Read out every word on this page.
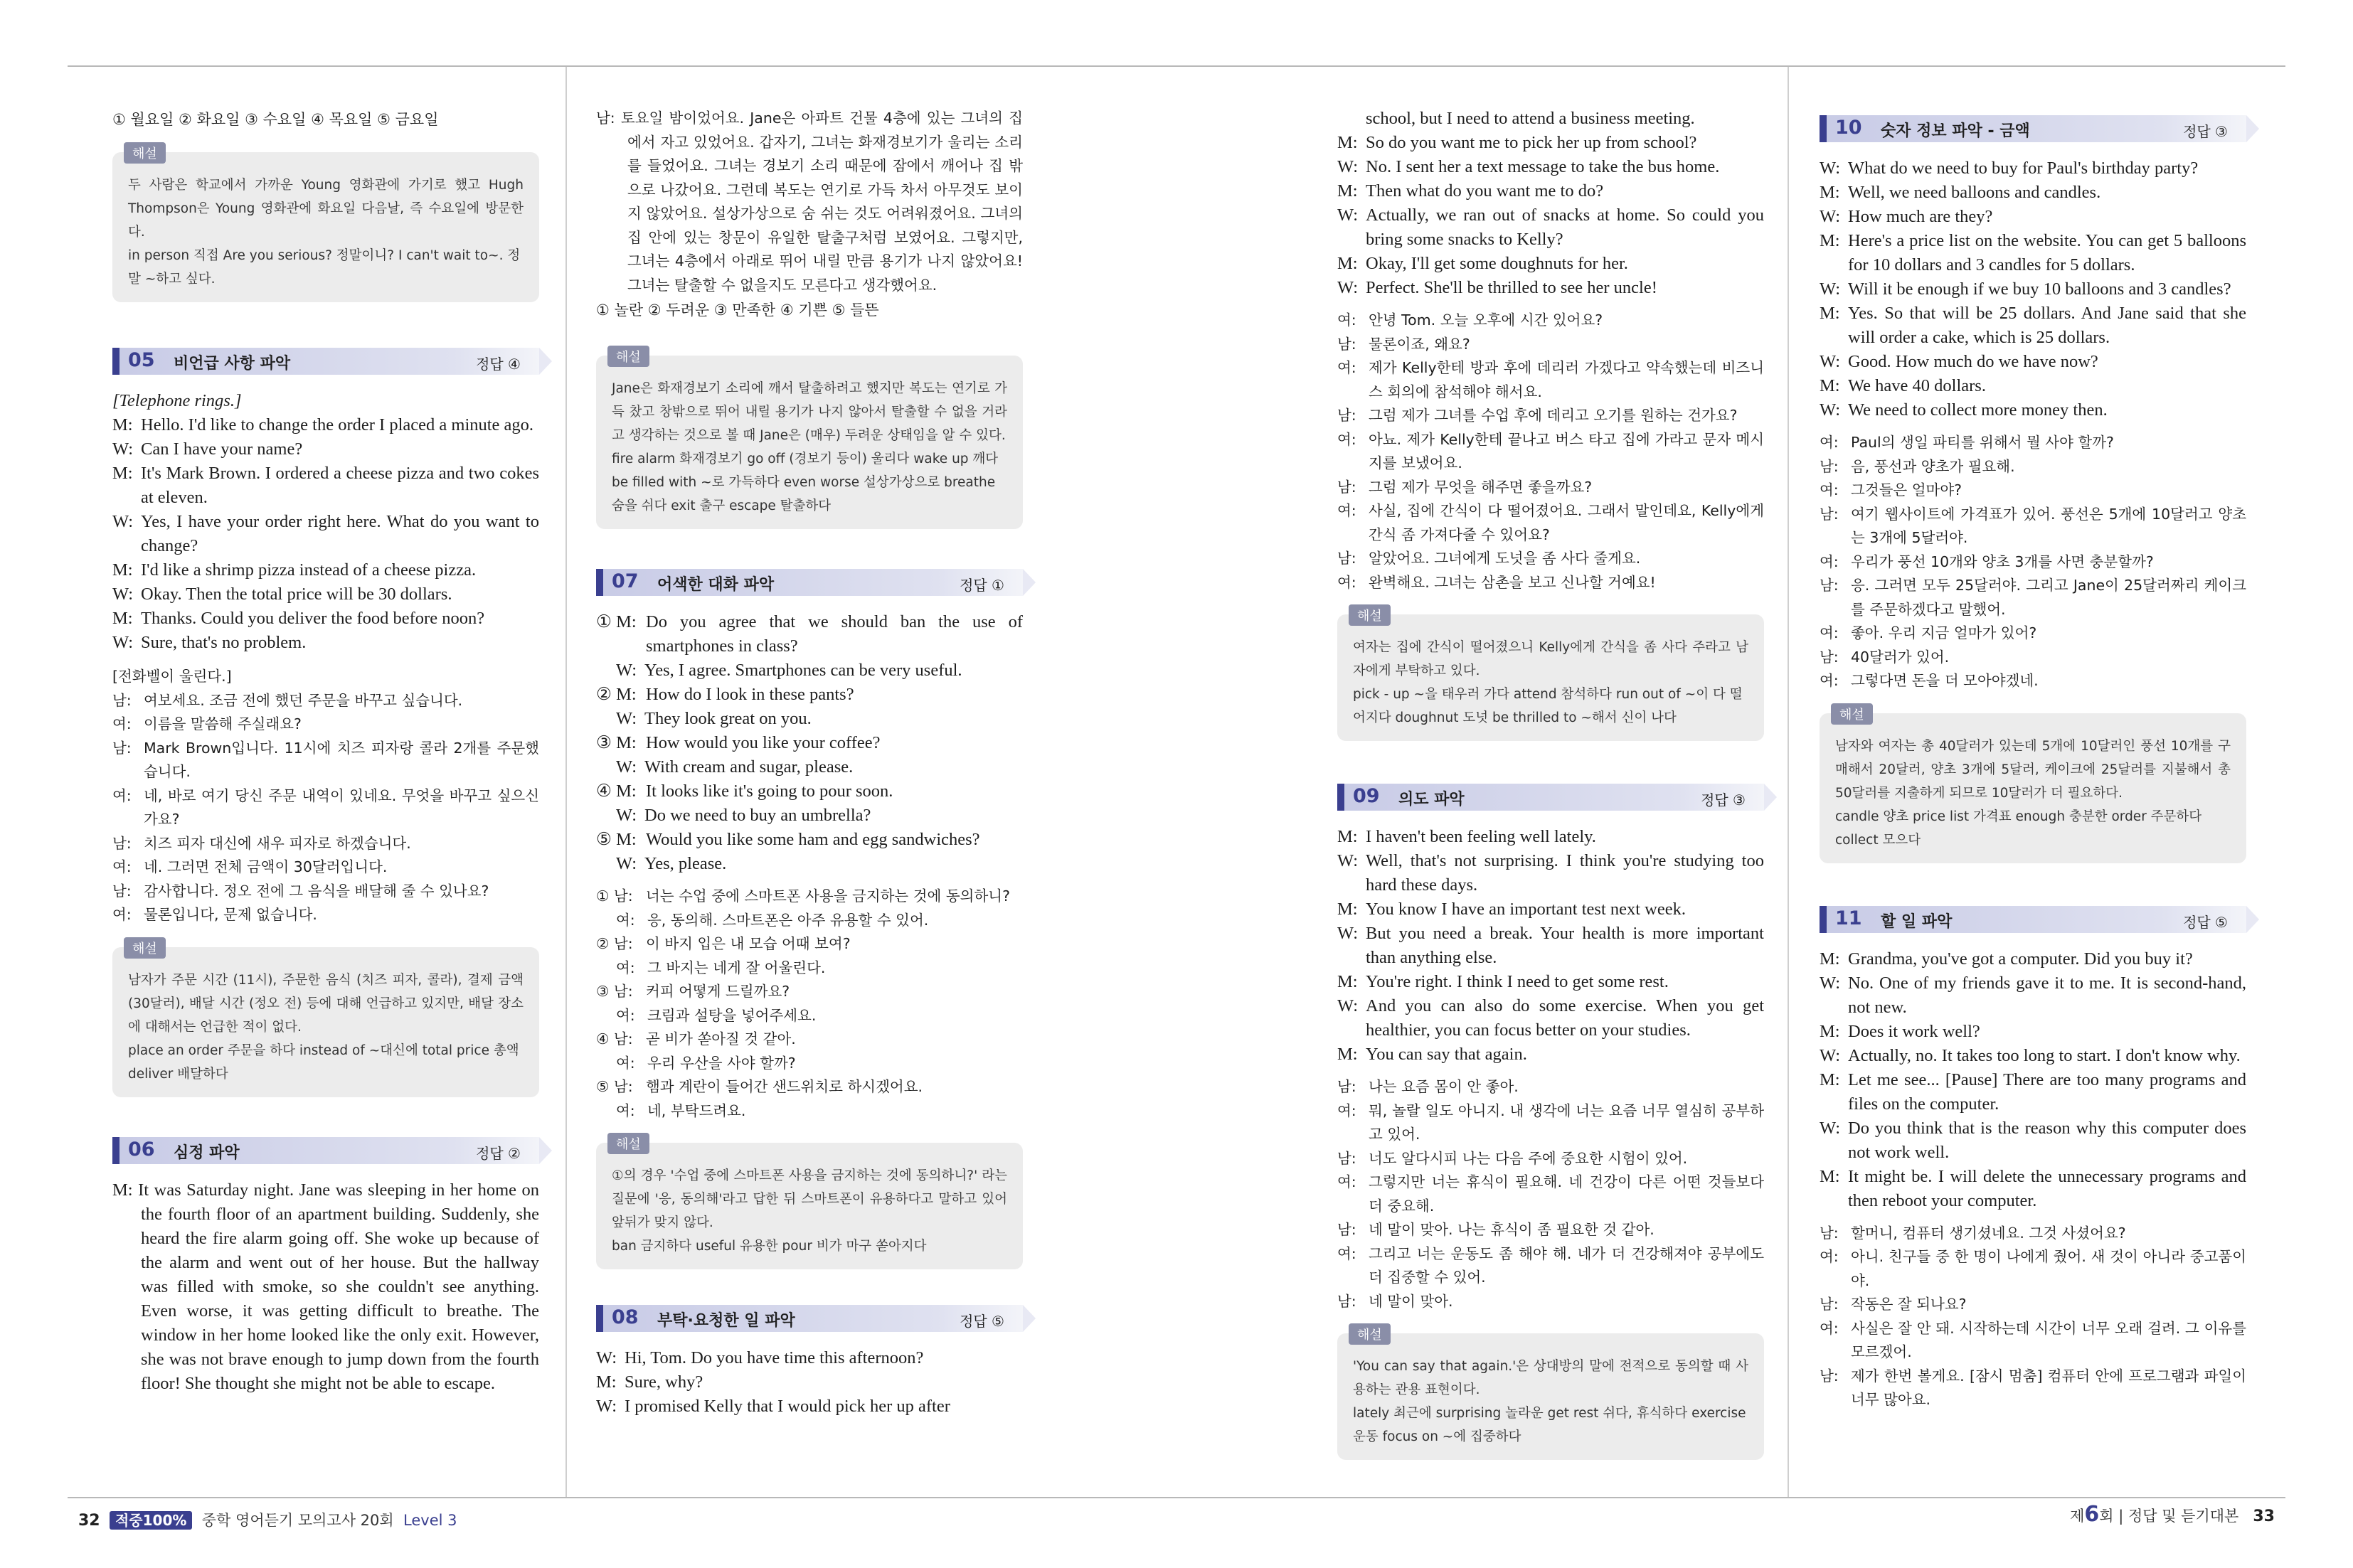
① 월요일 ② 화요일 ③ 수요일 ④ 목요일 ⑤ 금요일

해설
두 사람은 학교에서 가까운 Young 영화관에 가기로 했고 Hugh Thompson은 Young 영화관에 화요일 다음날, 즉 수요일에 방문한다.
in person 직접 Are you serious? 정말이니? I can't wait to~. 정말 ~하고 싶다.
05 비언급 사항 파악	정답 ④

[Telephone rings.]

M: Hello. I'd like to change the order I placed a minute ago.
W: Can I have your name?
M: It's Mark Brown. I ordered a cheese pizza and two cokes at eleven.
W: Yes, I have your order right here. What do you want to change?
M: I'd like a shrimp pizza instead of a cheese pizza.
W: Okay. Then the total price will be 30 dollars.
M: Thanks. Could you deliver the food before noon?
W: Sure, that's no problem.

[전화벨이 울린다.]

남: 여보세요. 조금 전에 했던 주문을 바꾸고 싶습니다.
여: 이름을 말씀해 주실래요?
남: Mark Brown입니다. 11시에 치즈 피자랑 콜라 2개를 주문했습니다.
여: 네, 바로 여기 당신 주문 내역이 있네요. 무엇을 바꾸고 싶으신가요?
남: 치즈 피자 대신에 새우 피자로 하겠습니다.
여: 네. 그러면 전체 금액이 30달러입니다.
남: 감사합니다. 정오 전에 그 음식을 배달해 줄 수 있나요?
여: 물론입니다, 문제 없습니다.
해설
남자가 주문 시간 (11시), 주문한 음식 (치즈 피자, 콜라), 결제 금액 (30달러), 배달 시간 (정오 전) 등에 대해 언급하고 있지만, 배달 장소에 대해서는 언급한 적이 없다.
place an order 주문을 하다 instead of ~대신에 total price 총액 deliver 배달하다
06 심정 파악	정답 ②

M: It was Saturday night. Jane was sleeping in her home on the fourth floor of an apartment building. Suddenly, she heard the fire alarm going off. She woke up because of the alarm and went out of her house. But the hallway was filled with smoke, so she couldn't see anything. Even worse, it was getting difficult to breathe. The window in her home looked like the only exit. However, she was not brave enough to jump down from the fourth floor! She thought she might not be able to escape.

남: 토요일 밤이었어요. Jane은 아파트 건물 4층에 있는 그녀의 집에서 자고 있었어요. 갑자기, 그녀는 화재경보기가 울리는 소리를 들었어요. 그녀는 경보기 소리 때문에 잠에서 깨어나 집 밖으로 나갔어요. 그런데 복도는 연기로 가득 차서 아무것도 보이지 않았어요. 설상가상으로 숨 쉬는 것도 어려워졌어요. 그녀의 집 안에 있는 창문이 유일한 탈출구처럼 보였어요. 그렇지만, 그녀는 4층에서 아래로 뛰어 내릴 만큼 용기가 나지 않았어요! 그녀는 탈출할 수 없을지도 모른다고 생각했어요.

① 놀란 ② 두려운 ③ 만족한 ④ 기쁜 ⑤ 들뜬

해설
Jane은 화재경보기 소리에 깨서 탈출하려고 했지만 복도는 연기로 가득 찼고 창밖으로 뛰어 내릴 용기가 나지 않아서 탈출할 수 없을 거라고 생각하는 것으로 볼 때 Jane은 (매우) 두려운 상태임을 알 수 있다.
fire alarm 화재경보기 go off (경보기 등이) 울리다 wake up 깨다 be filled with ~로 가득하다 even worse 설상가상으로 breathe 숨을 쉬다 exit 출구 escape 탈출하다
07 어색한 대화 파악	정답 ①
① M: Do you agree that we should ban the use of smartphones in class?
W: Yes, I agree. Smartphones can be very useful.
② M: How do I look in these pants?
W: They look great on you.
③ M: How would you like your coffee?
W: With cream and sugar, please.
④ M: It looks like it's going to pour soon.
W: Do we need to buy an umbrella?
⑤ M: Would you like some ham and egg sandwiches?
W: Yes, please.
① 남: 너는 수업 중에 스마트폰 사용을 금지하는 것에 동의하니?
여: 응, 동의해. 스마트폰은 아주 유용할 수 있어.
② 남: 이 바지 입은 내 모습 어때 보여?
여: 그 바지는 네게 잘 어울린다.
③ 남: 커피 어떻게 드릴까요?
여: 크림과 설탕을 넣어주세요.
④ 남: 곧 비가 쏟아질 것 같아.
여: 우리 우산을 사야 할까?
⑤ 남: 햄과 계란이 들어간 샌드위치로 하시겠어요.
여: 네, 부탁드려요.
해설
①의 경우 '수업 중에 스마트폰 사용을 금지하는 것에 동의하니?' 라는 질문에 '응, 동의해'라고 답한 뒤 스마트폰이 유용하다고 말하고 있어 앞뒤가 맞지 않다.
ban 금지하다 useful 유용한 pour 비가 마구 쏟아지다
08 부탁·요청한 일 파악	정답 ⑤
W: Hi, Tom. Do you have time this afternoon?
M: Sure, why?
W: I promised Kelly that I would pick her up after
school, but I need to attend a business meeting.
M: So do you want me to pick her up from school?
W: No. I sent her a text message to take the bus home.
M: Then what do you want me to do?
W: Actually, we ran out of snacks at home. So could you bring some snacks to Kelly?
M: Okay, I'll get some doughnuts for her.
W: Perfect. She'll be thrilled to see her uncle!
여: 안녕 Tom. 오늘 오후에 시간 있어요?
남: 물론이죠, 왜요?
여: 제가 Kelly한테 방과 후에 데리러 가겠다고 약속했는데 비즈니스 회의에 참석해야 해서요.
남: 그럼 제가 그녀를 수업 후에 데리고 오기를 원하는 건가요?
여: 아뇨. 제가 Kelly한테 끝나고 버스 타고 집에 가라고 문자 메시지를 보냈어요.
남: 그럼 제가 무엇을 해주면 좋을까요?
여: 사실, 집에 간식이 다 떨어졌어요. 그래서 말인데요, Kelly에게 간식 좀 가져다줄 수 있어요?
남: 알았어요. 그녀에게 도넛을 좀 사다 줄게요.
여: 완벽해요. 그녀는 삼촌을 보고 신나할 거예요!
해설
여자는 집에 간식이 떨어졌으니 Kelly에게 간식을 좀 사다 주라고 남자에게 부탁하고 있다.
pick - up ~을 태우러 가다 attend 참석하다 run out of ~이 다 떨어지다 doughnut 도넛 be thrilled to ~해서 신이 나다
09 의도 파악	정답 ③
M: I haven't been feeling well lately.
W: Well, that's not surprising. I think you're studying too hard these days.
M: You know I have an important test next week.
W: But you need a break. Your health is more important than anything else.
M: You're right. I think I need to get some rest.
W: And you can also do some exercise. When you get healthier, you can focus better on your studies.
M: You can say that again.
남: 나는 요즘 몸이 안 좋아.
여: 뭐, 놀랄 일도 아니지. 내 생각에 너는 요즘 너무 열심히 공부하고 있어.
남: 너도 알다시피 나는 다음 주에 중요한 시험이 있어.
여: 그렇지만 너는 휴식이 필요해. 네 건강이 다른 어떤 것들보다 더 중요해.
남: 네 말이 맞아. 나는 휴식이 좀 필요한 것 같아.
여: 그리고 너는 운동도 좀 해야 해. 네가 더 건강해져야 공부에도 더 집중할 수 있어.
남: 네 말이 맞아.
해설
'You can say that again.'은 상대방의 말에 전적으로 동의할 때 사용하는 관용 표현이다.
lately 최근에 surprising 놀라운 get rest 쉬다, 휴식하다 exercise 운동 focus on ~에 집중하다
10 숫자 정보 파악 - 금액	정답 ③
W: What do we need to buy for Paul's birthday party?
M: Well, we need balloons and candles.
W: How much are they?
M: Here's a price list on the website. You can get 5 balloons for 10 dollars and 3 candles for 5 dollars.
W: Will it be enough if we buy 10 balloons and 3 candles?
M: Yes. So that will be 25 dollars. And Jane said that she will order a cake, which is 25 dollars.
W: Good. How much do we have now?
M: We have 40 dollars.
W: We need to collect more money then.
여: Paul의 생일 파티를 위해서 뭘 사야 할까?
남: 음, 풍선과 양초가 필요해.
여: 그것들은 얼마야?
남: 여기 웹사이트에 가격표가 있어. 풍선은 5개에 10달러고 양초는 3개에 5달러야.
여: 우리가 풍선 10개와 양초 3개를 사면 충분할까?
남: 응. 그러면 모두 25달러야. 그리고 Jane이 25달러짜리 케이크를 주문하겠다고 말했어.
여: 좋아. 우리 지금 얼마가 있어?
남: 40달러가 있어.
여: 그렇다면 돈을 더 모아야겠네.
해설
남자와 여자는 총 40달러가 있는데 5개에 10달러인 풍선 10개를 구매해서 20달러, 양초 3개에 5달러, 케이크에 25달러를 지불해서 총 50달러를 지출하게 되므로 10달러가 더 필요하다.
candle 양초 price list 가격표 enough 충분한 order 주문하다 collect 모으다
11 할 일 파악	정답 ⑤
M: Grandma, you've got a computer. Did you buy it?
W: No. One of my friends gave it to me. It is second-hand, not new.
M: Does it work well?
W: Actually, no. It takes too long to start. I don't know why.
M: Let me see... [Pause] There are too many programs and files on the computer.
W: Do you think that is the reason why this computer does not work well.
M: It might be. I will delete the unnecessary programs and then reboot your computer.
남: 할머니, 컴퓨터 생기셨네요. 그것 사셨어요?
여: 아니. 친구들 중 한 명이 나에게 줬어. 새 것이 아니라 중고품이야.
남: 작동은 잘 되나요?
여: 사실은 잘 안 돼. 시작하는데 시간이 너무 오래 걸려. 그 이유를 모르겠어.
남: 제가 한번 볼게요. [잠시 멈춤] 컴퓨터 안에 프로그램과 파일이 너무 많아요.
32 적중100% 중학 영어듣기 모의고사 20회 Level 3	제6회 | 정답 및 듣기대본 33
